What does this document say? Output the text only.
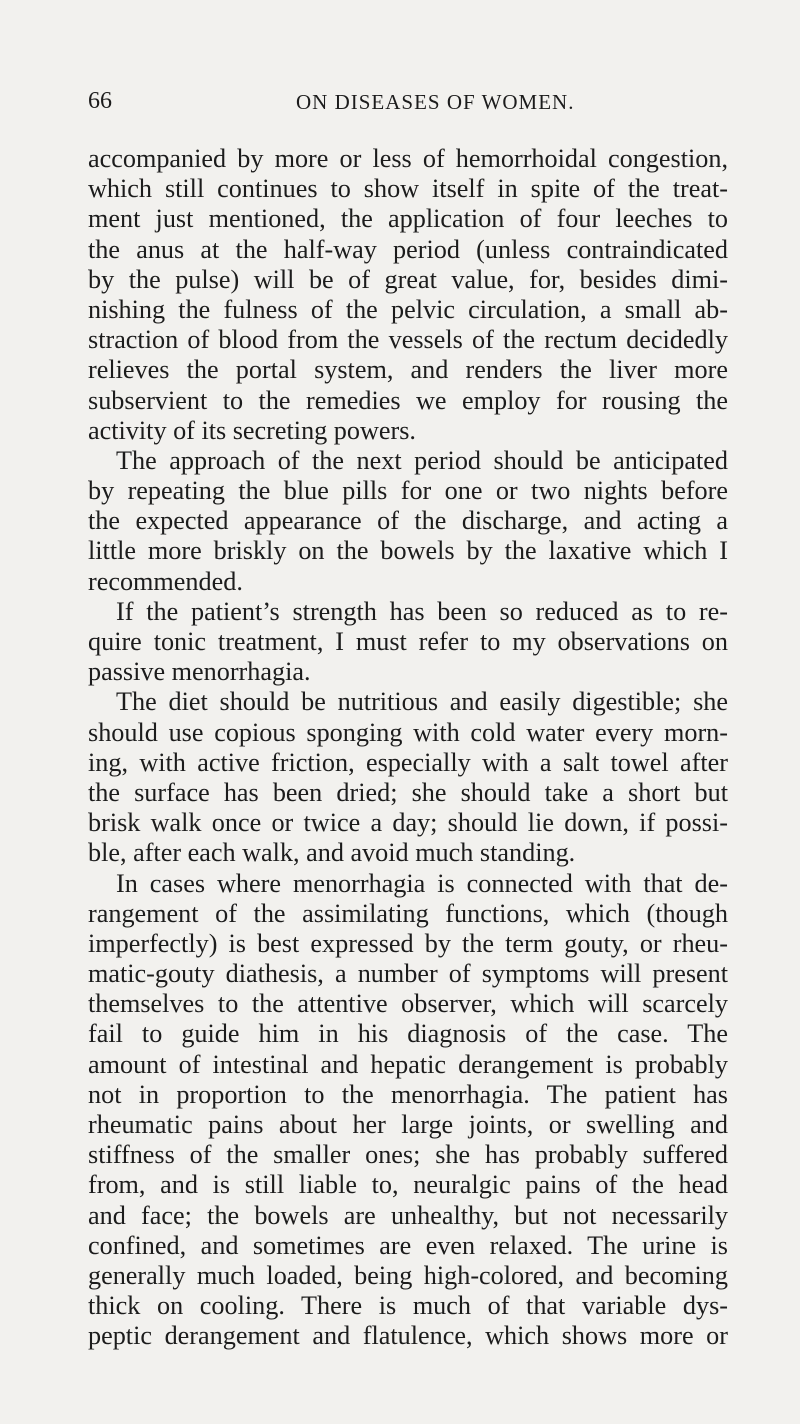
66	ON DISEASES OF WOMEN.
accompanied by more or less of hemorrhoidal congestion,
which still continues to show itself in spite of the treat-
ment just mentioned, the application of four leeches to
the anus at the half-way period (unless contraindicated
by the pulse) will be of great value, for, besides dimi-
nishing the fulness of the pelvic circulation, a small ab-
straction of blood from the vessels of the rectum decidedly
relieves the portal system, and renders the liver more
subservient to the remedies we employ for rousing the
activity of its secreting powers.
The approach of the next period should be anticipated
by repeating the blue pills for one or two nights before
the expected appearance of the discharge, and acting a
little more briskly on the bowels by the laxative which I
recommended.
If the patient’s strength has been so reduced as to re-
quire tonic treatment, I must refer to my observations on
passive menorrhagia.
The diet should be nutritious and easily digestible; she
should use copious sponging with cold water every morn-
ing, with active friction, especially with a salt towel after
the surface has been dried; she should take a short but
brisk walk once or twice a day; should lie down, if possi-
ble, after each walk, and avoid much standing.
In cases where menorrhagia is connected with that de-
rangement of the assimilating functions, which (though
imperfectly) is best expressed by the term gouty, or rheu-
matic-gouty diathesis, a number of symptoms will present
themselves to the attentive observer, which will scarcely
fail to guide him in his diagnosis of the case. The
amount of intestinal and hepatic derangement is probably
not in proportion to the menorrhagia. The patient has
rheumatic pains about her large joints, or swelling and
stiffness of the smaller ones; she has probably suffered
from, and is still liable to, neuralgic pains of the head
and face; the bowels are unhealthy, but not necessarily
confined, and sometimes are even relaxed. The urine is
generally much loaded, being high-colored, and becoming
thick on cooling. There is much of that variable dys-
peptic derangement and flatulence, which shows more or
